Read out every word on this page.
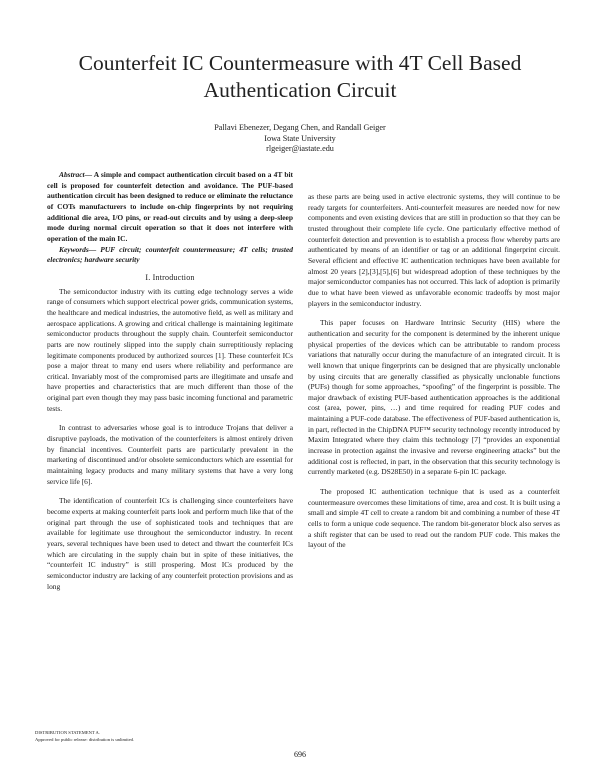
Counterfeit IC Countermeasure with 4T Cell Based Authentication Circuit
Pallavi Ebenezer, Degang Chen, and Randall Geiger
Iowa State University
rlgeiger@iastate.edu

Abstract— A simple and compact authentication circuit based on a 4T bit cell is proposed for counterfeit detection and avoidance. The PUF-based authentication circuit has been designed to reduce or eliminate the reluctance of COTs manufacturers to include on-chip fingerprints by not requiring additional die area, I/O pins, or read-out circuits and by using a deep-sleep mode during normal circuit operation so that it does not interfere with operation of the main IC.

Keywords— PUF circuit; counterfeit countermeasure; 4T cells; trusted electronics; hardware security

I. Introduction

The semiconductor industry with its cutting edge technology serves a wide range of consumers which support electrical power grids, communication systems, the healthcare and medical industries, the automotive field, as well as military and aerospace applications. A growing and critical challenge is maintaining legitimate semiconductor products throughout the supply chain. Counterfeit semiconductor parts are now routinely slipped into the supply chain surreptitiously replacing legitimate components produced by authorized sources [1]. These counterfeit ICs pose a major threat to many end users where reliability and performance are critical. Invariably most of the compromised parts are illegitimate and unsafe and have properties and characteristics that are much different than those of the original part even though they may pass basic incoming functional and parametric tests.

In contrast to adversaries whose goal is to introduce Trojans that deliver a disruptive payloads, the motivation of the counterfeiters is almost entirely driven by financial incentives. Counterfeit parts are particularly prevalent in the marketing of discontinued and/or obsolete semiconductors which are essential for maintaining legacy products and many military systems that have a very long service life [6].

The identification of counterfeit ICs is challenging since counterfeiters have become experts at making counterfeit parts look and perform much like that of the original part through the use of sophisticated tools and techniques that are available for legitimate use throughout the semiconductor industry. In recent years, several techniques have been used to detect and thwart the counterfeit ICs which are circulating in the supply chain but in spite of these initiatives, the “counterfeit IC industry” is still prospering. Most ICs produced by the semiconductor industry are lacking of any counterfeit protection provisions and as long

as these parts are being used in active electronic systems, they will continue to be ready targets for counterfeiters. Anti-counterfeit measures are needed now for new components and even existing devices that are still in production so that they can be trusted throughout their complete life cycle. One particularly effective method of counterfeit detection and prevention is to establish a process flow whereby parts are authenticated by means of an identifier or tag or an additional fingerprint circuit. Several efficient and effective IC authentication techniques have been available for almost 20 years [2],[3],[5],[6] but widespread adoption of these techniques by the major semiconductor companies has not occurred. This lack of adoption is primarily due to what have been viewed as unfavorable economic tradeoffs by most major players in the semiconductor industry.

This paper focuses on Hardware Intrinsic Security (HIS) where the authentication and security for the component is determined by the inherent unique physical properties of the devices which can be attributable to random process variations that naturally occur during the manufacture of an integrated circuit. It is well known that unique fingerprints can be designed that are physically unclonable by using circuits that are generally classified as physically unclonable functions (PUFs) though for some approaches, “spoofing” of the fingerprint is possible. The major drawback of existing PUF-based authentication approaches is the additional cost (area, power, pins, …) and time required for reading PUF codes and maintaining a PUF-code database. The effectiveness of PUF-based authentication is, in part, reflected in the ChipDNA PUF™ security technology recently introduced by Maxim Integrated where they claim this technology [7] “provides an exponential increase in protection against the invasive and reverse engineering attacks” but the additional cost is reflected, in part, in the observation that this security technology is currently marketed (e.g. DS28E50) in a separate 6-pin IC package.

The proposed IC authentication technique that is used as a counterfeit countermeasure overcomes these limitations of time, area and cost. It is built using a small and simple 4T cell to create a random bit and combining a number of these 4T cells to form a unique code sequence. The random bit-generator block also serves as a shift register that can be used to read out the random PUF code. This makes the layout of the

DISTRIBUTION STATEMENT A.
Approved for public release: distribution is unlimited.
696
